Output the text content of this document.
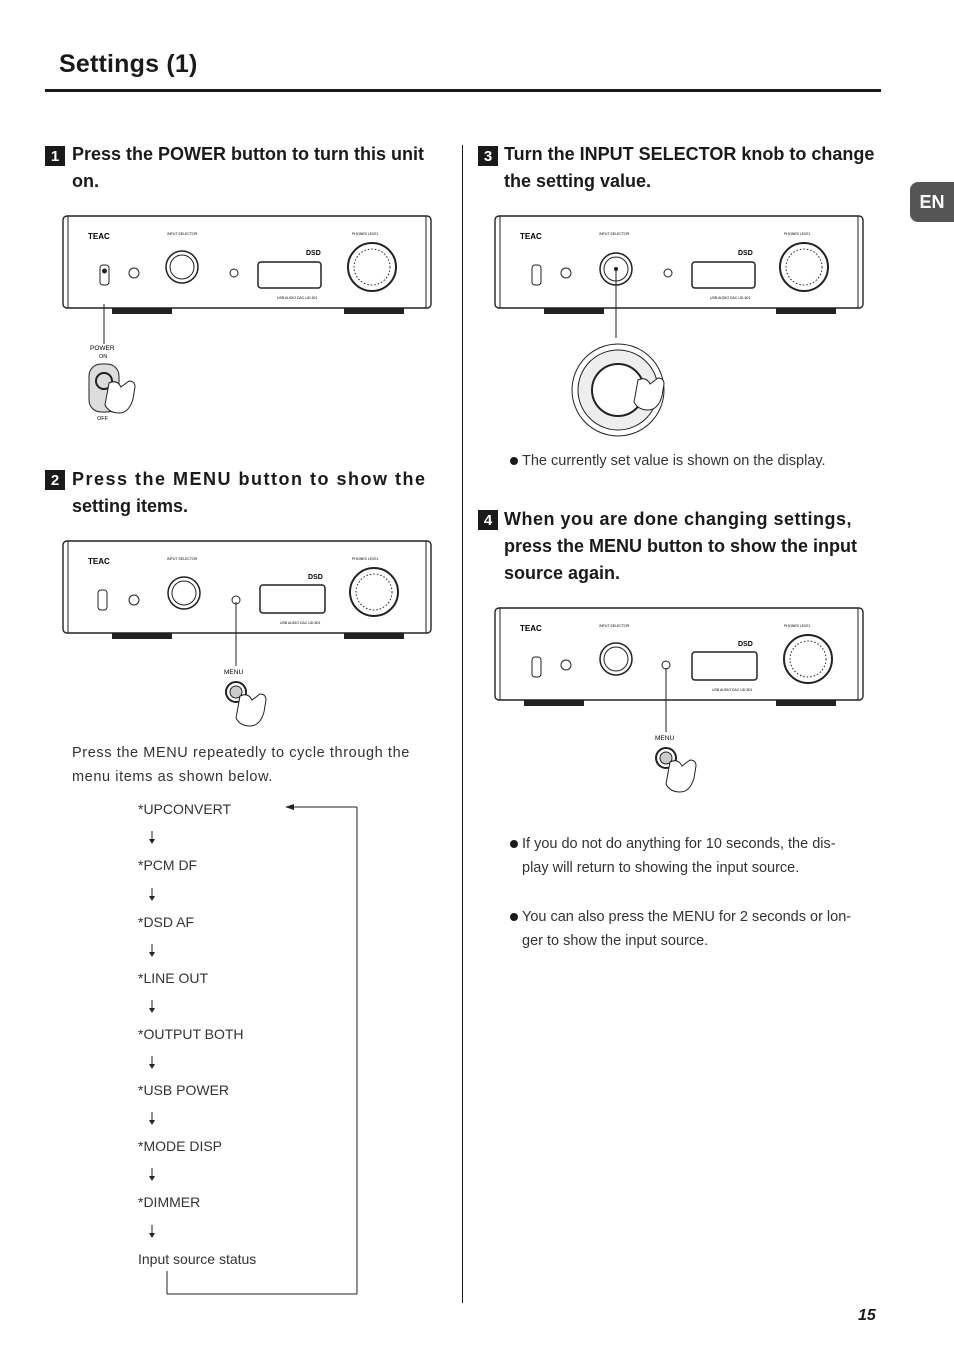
Settings (1)
EN
1 Press the POWER button to turn this unit
on.
TEAC	INPUT SELECTOR	PHONES LEVEL
DSD
USB AUDIO DAC UD-501
POWER
ON
OFF
2 Press the MENU button to show the
setting items.
TEAC	INPUT SELECTOR	PHONES LEVEL
DSD
USB AUDIO DAC UD-501
MENU
Press the MENU repeatedly to cycle through the
menu items as shown below.
*UPCONVERT
*PCM DF
*DSD AF
*LINE OUT
*OUTPUT BOTH
*USB POWER
*MODE DISP
*DIMMER
Input source status
3 Turn the INPUT SELECTOR knob to change
the setting value.
TEAC	INPUT SELECTOR	PHONES LEVEL
DSD
USB AUDIO DAC UD-501
The currently set value is shown on the display.
4 When you are done changing settings,
press the MENU button to show the input
source again.
TEAC	INPUT SELECTOR	PHONES LEVEL
DSD
USB AUDIO DAC UD-501
MENU
If you do not do anything for 10 seconds, the dis-
play will return to showing the input source.
You can also press the MENU for 2 seconds or lon-
ger to show the input source.
15
